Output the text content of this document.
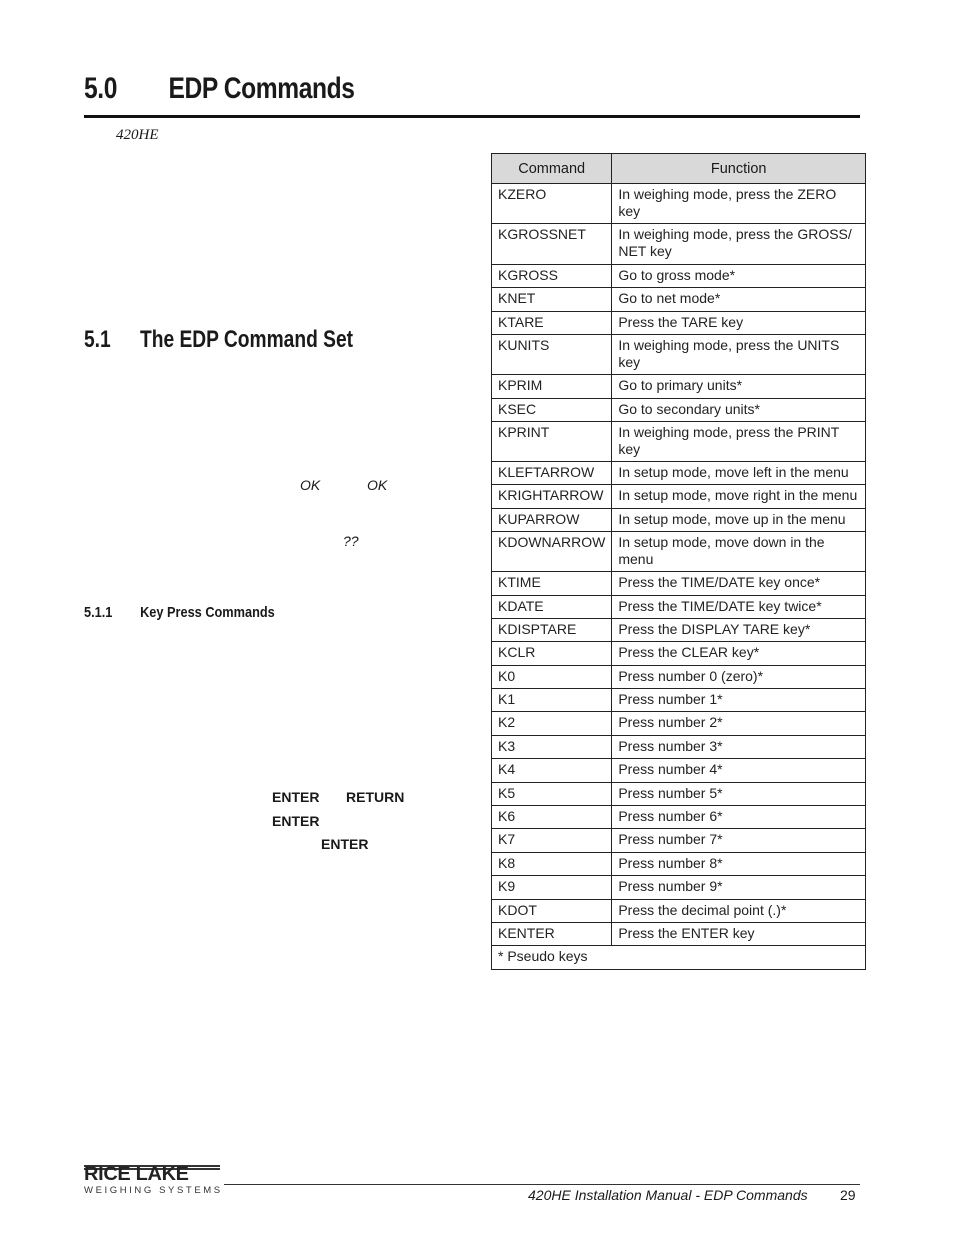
5.0 EDP Commands
420HE
5.1 The EDP Command Set
OK	OK
??
5.1.1 Key Press Commands
ENTER RETURN
ENTER
ENTER
Command	Function
KZERO	In weighing mode, press the ZERO key
KGROSSNET	In weighing mode, press the GROSS/ NET key
KGROSS	Go to gross mode*
KNET	Go to net mode*
KTARE	Press the TARE key
KUNITS	In weighing mode, press the UNITS key
KPRIM	Go to primary units*
KSEC	Go to secondary units*
KPRINT	In weighing mode, press the PRINT key
KLEFTARROW	In setup mode, move left in the menu
KRIGHTARROW	In setup mode, move right in the menu
KUPARROW	In setup mode, move up in the menu
KDOWNARROW	In setup mode, move down in the menu
KTIME	Press the TIME/DATE key once*
KDATE	Press the TIME/DATE key twice*
KDISPTARE	Press the DISPLAY TARE key*
KCLR	Press the CLEAR key*
K0	Press number 0 (zero)*
K1	Press number 1*
K2	Press number 2*
K3	Press number 3*
K4	Press number 4*
K5	Press number 5*
K6	Press number 6*
K7	Press number 7*
K8	Press number 8*
K9	Press number 9*
KDOT	Press the decimal point (.)*
KENTER	Press the ENTER key
* Pseudo keys	
RICE LAKE
WEIGHING SYSTEMS	420HE Installation Manual - EDP Commands 29
